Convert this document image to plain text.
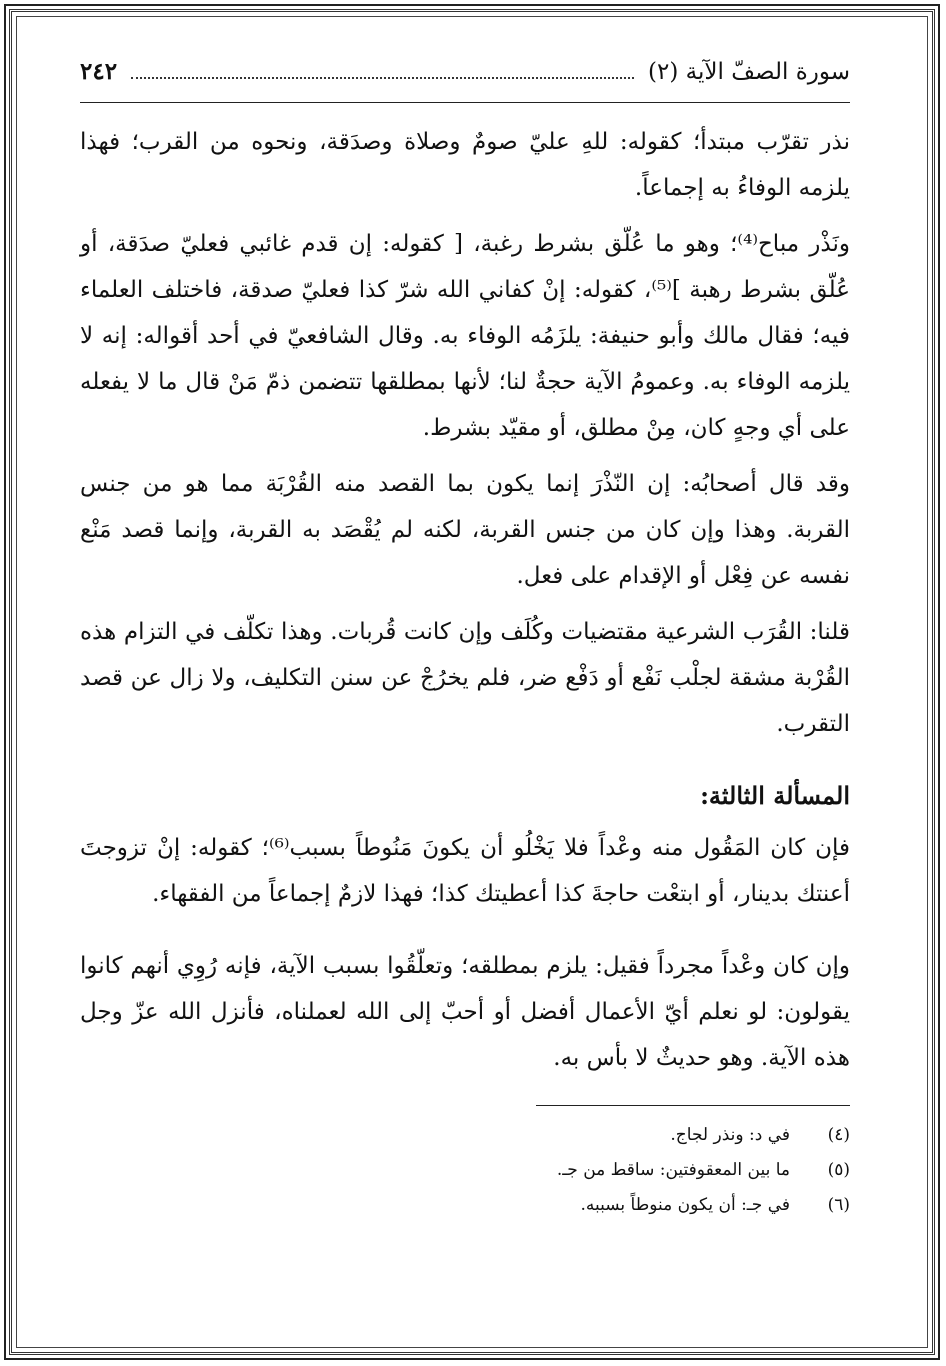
سورة الصفّ الآية (٢)
٢٤٢

نذر تقرّب مبتدأ؛ كقوله: للهِ عليّ صومٌ وصلاة وصدَقة، ونحوه من القرب؛ فهذا يلزمه الوفاءُ به إجماعاً.

ونَذْر مباح⁽⁴⁾؛ وهو ما عُلّق بشرط رغبة، [ كقوله: إن قدم غائبي فعليّ صدَقة، أو عُلّق بشرط رهبة ]⁽⁵⁾، كقوله: إنْ كفاني الله شرّ كذا فعليّ صدقة، فاختلف العلماء فيه؛ فقال مالك وأبو حنيفة: يلزَمُه الوفاء به. وقال الشافعيّ في أحد أقواله: إنه لا يلزمه الوفاء به. وعمومُ الآية حجةٌ لنا؛ لأنها بمطلقها تتضمن ذمّ مَنْ قال ما لا يفعله على أي وجهٍ كان، مِنْ مطلق، أو مقيّد بشرط.

وقد قال أصحابُه: إن النّذْرَ إنما يكون بما القصد منه القُرْبَة مما هو من جنس القربة. وهذا وإن كان من جنس القربة، لكنه لم يُقْصَد به القربة، وإنما قصد مَنْع نفسه عن فِعْل أو الإقدام على فعل.

قلنا: القُرَب الشرعية مقتضيات وكُلَف وإن كانت قُربات. وهذا تكلّف في التزام هذه القُرْبة مشقة لجلْب نَفْع أو دَفْع ضر، فلم يخرُجْ عن سنن التكليف، ولا زال عن قصد التقرب.

المسألة الثالثة:

فإن كان المَقُول منه وعْداً فلا يَخْلُو أن يكونَ مَنُوطاً بسبب⁽⁶⁾؛ كقوله: إنْ تزوجتَ أعنتك بدينار، أو ابتعْت حاجةَ كذا أعطيتك كذا؛ فهذا لازمٌ إجماعاً من الفقهاء.

وإن كان وعْداً مجرداً فقيل: يلزم بمطلقه؛ وتعلّقُوا بسبب الآية، فإنه رُوِي أنهم كانوا يقولون: لو نعلم أيّ الأعمال أفضل أو أحبّ إلى الله لعملناه، فأنزل الله عزّ وجل هذه الآية. وهو حديثٌ لا بأس به.

(٤)
في د: ونذر لجاج.
(٥)
ما بين المعقوفتين: ساقط من جـ.
(٦)
في جـ: أن يكون منوطاً بسببه.
